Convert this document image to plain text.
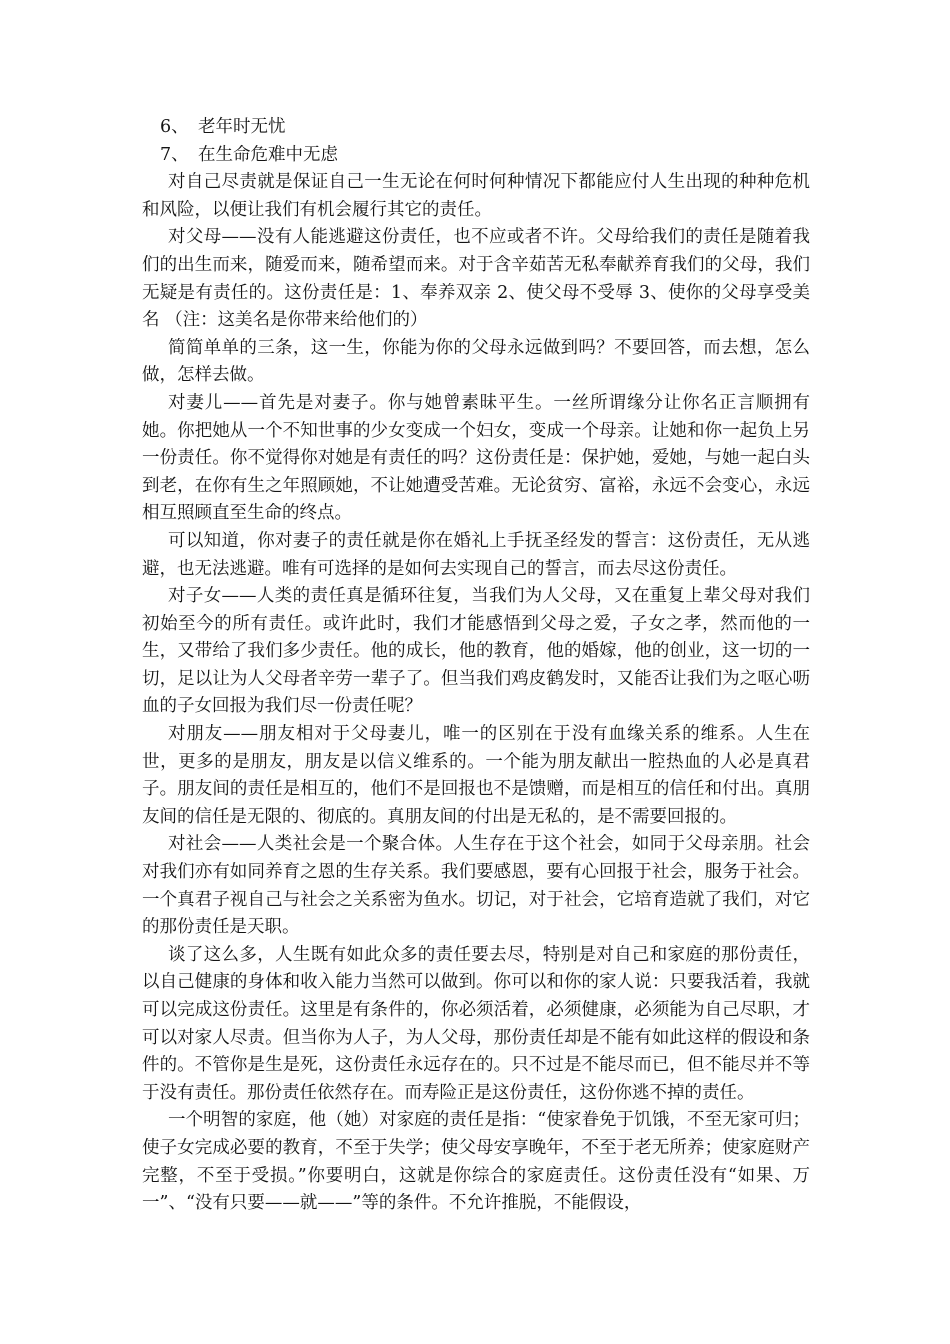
6、 老年时无忧
7、 在生命危难中无虑

对自己尽责就是保证自己一生无论在何时何种情况下都能应付人生出现的种种危机和风险，以便让我们有机会履行其它的责任。

对父母——没有人能逃避这份责任，也不应或者不许。父母给我们的责任是随着我们的出生而来，随爱而来，随希望而来。对于含辛茹苦无私奉献养育我们的父母，我们无疑是有责任的。这份责任是：1、奉养双亲 2、使父母不受辱 3、使你的父母享受美名 （注：这美名是你带来给他们的）

简简单单的三条，这一生，你能为你的父母永远做到吗？不要回答，而去想，怎么做，怎样去做。

对妻儿——首先是对妻子。你与她曾素昧平生。一丝所谓缘分让你名正言顺拥有她。你把她从一个不知世事的少女变成一个妇女，变成一个母亲。让她和你一起负上另一份责任。你不觉得你对她是有责任的吗？这份责任是：保护她，爱她，与她一起白头到老，在你有生之年照顾她，不让她遭受苦难。无论贫穷、富裕，永远不会变心，永远相互照顾直至生命的终点。

可以知道，你对妻子的责任就是你在婚礼上手抚圣经发的誓言：这份责任，无从逃避，也无法逃避。唯有可选择的是如何去实现自己的誓言，而去尽这份责任。

对子女——人类的责任真是循环往复，当我们为人父母，又在重复上辈父母对我们初始至今的所有责任。或许此时，我们才能感悟到父母之爱，子女之孝，然而他的一生，又带给了我们多少责任。他的成长，他的教育，他的婚嫁，他的创业，这一切的一切，足以让为人父母者辛劳一辈子了。但当我们鸡皮鹤发时，又能否让我们为之呕心呖血的子女回报为我们尽一份责任呢？

对朋友——朋友相对于父母妻儿，唯一的区别在于没有血缘关系的维系。人生在世，更多的是朋友，朋友是以信义维系的。一个能为朋友献出一腔热血的人必是真君子。朋友间的责任是相互的，他们不是回报也不是馈赠，而是相互的信任和付出。真朋友间的信任是无限的、彻底的。真朋友间的付出是无私的，是不需要回报的。

对社会——人类社会是一个聚合体。人生存在于这个社会，如同于父母亲朋。社会对我们亦有如同养育之恩的生存关系。我们要感恩，要有心回报于社会，服务于社会。一个真君子视自己与社会之关系密为鱼水。切记，对于社会，它培育造就了我们，对它的那份责任是天职。

谈了这么多，人生既有如此众多的责任要去尽，特别是对自己和家庭的那份责任，以自己健康的身体和收入能力当然可以做到。你可以和你的家人说：只要我活着，我就可以完成这份责任。这里是有条件的，你必须活着，必须健康，必须能为自己尽职，才可以对家人尽责。但当你为人子，为人父母，那份责任却是不能有如此这样的假设和条件的。不管你是生是死，这份责任永远存在的。只不过是不能尽而已，但不能尽并不等于没有责任。那份责任依然存在。而寿险正是这份责任，这份你逃不掉的责任。

一个明智的家庭，他（她）对家庭的责任是指：“使家眷免于饥饿，不至无家可归；使子女完成必要的教育，不至于失学；使父母安享晚年，不至于老无所养；使家庭财产完整，不至于受损。”你要明白，这就是你综合的家庭责任。这份责任没有“如果、万一”、“没有只要——就——”等的条件。不允许推脱，不能假设，
